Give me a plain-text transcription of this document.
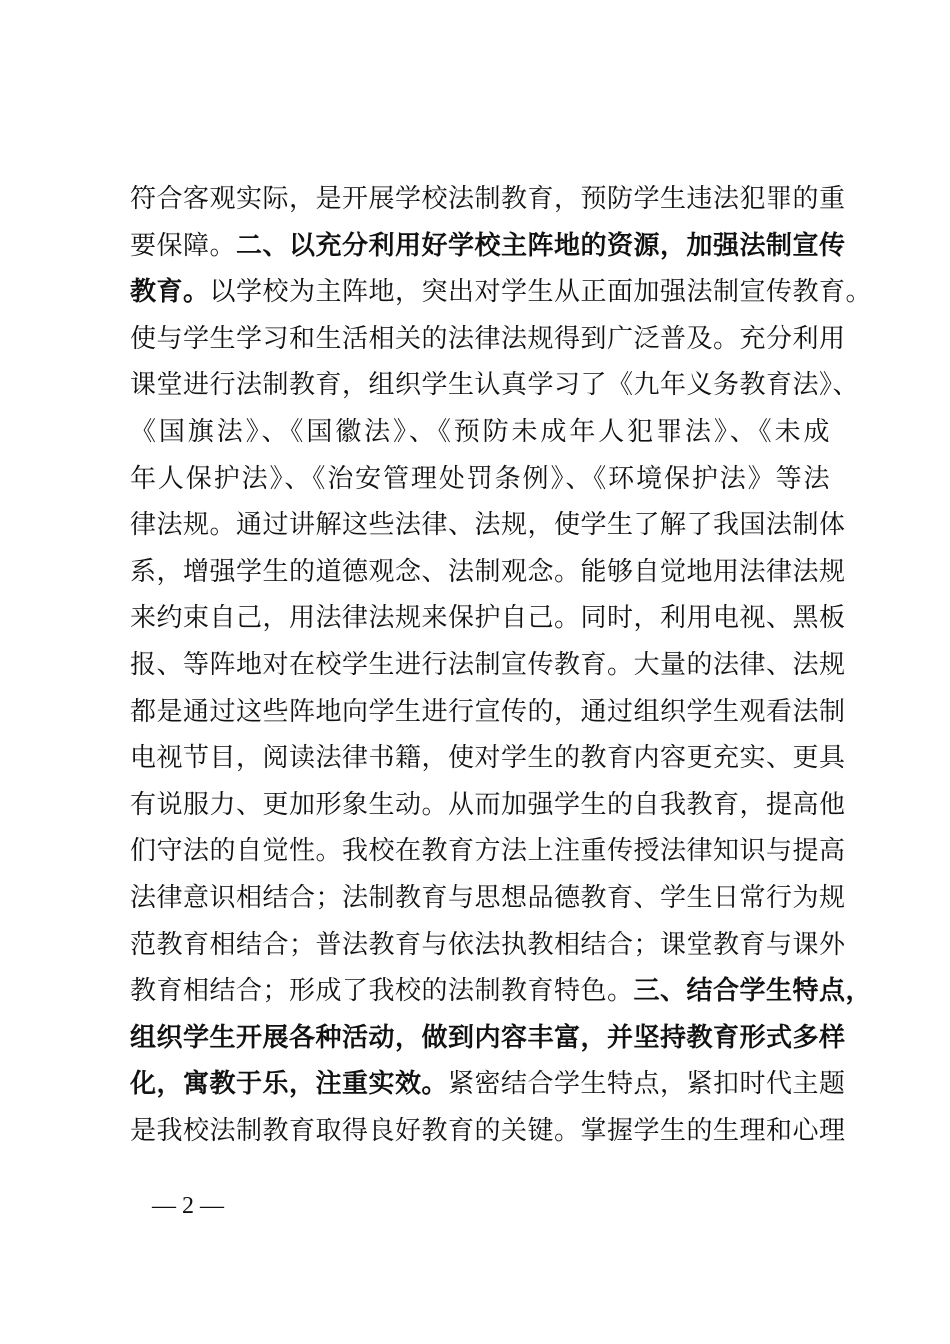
符合客观实际，是开展学校法制教育，预防学生违法犯罪的重
要保障。二、以充分利用好学校主阵地的资源，加强法制宣传
教育。以学校为主阵地，突出对学生从正面加强法制宣传教育。
使与学生学习和生活相关的法律法规得到广泛普及。充分利用
课堂进行法制教育，组织学生认真学习了《九年义务教育法》、
《国旗法》、《国徽法》、《预防未成年人犯罪法》、《未成
年人保护法》、《治安管理处罚条例》、《环境保护法》等法
律法规。通过讲解这些法律、法规，使学生了解了我国法制体
系，增强学生的道德观念、法制观念。能够自觉地用法律法规
来约束自己，用法律法规来保护自己。同时，利用电视、黑板
报、等阵地对在校学生进行法制宣传教育。大量的法律、法规
都是通过这些阵地向学生进行宣传的，通过组织学生观看法制
电视节目，阅读法律书籍，使对学生的教育内容更充实、更具
有说服力、更加形象生动。从而加强学生的自我教育，提高他
们守法的自觉性。我校在教育方法上注重传授法律知识与提高
法律意识相结合；法制教育与思想品德教育、学生日常行为规
范教育相结合；普法教育与依法执教相结合；课堂教育与课外
教育相结合；形成了我校的法制教育特色。三、结合学生特点，
组织学生开展各种活动，做到内容丰富，并坚持教育形式多样
化，寓教于乐，注重实效。紧密结合学生特点，紧扣时代主题
是我校法制教育取得良好教育的关键。掌握学生的生理和心理
— 2 —
